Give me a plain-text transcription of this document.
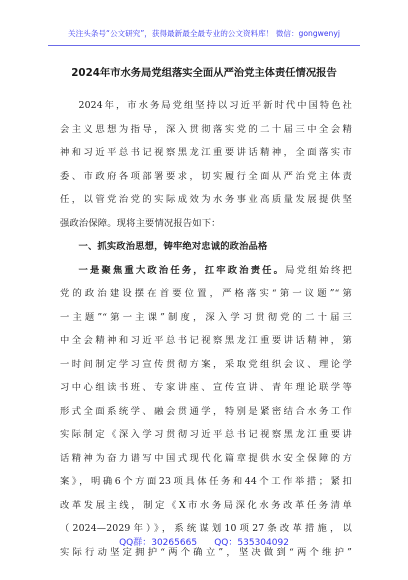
关注头条号“公文研究”，获得最新最全最专业的公文资料库！ 微信：gongwenyj
2024年市水务局党组落实全面从严治党主体责任情况报告
2024年，市水务局党组坚持以习近平新时代中国特色社
会主义思想为指导，深入贯彻落实党的二十届三中全会精
神和习近平总书记视察黑龙江重要讲话精神，全面落实市
委、市政府各项部署要求，切实履行全面从严治党主体责
任，以管党治党的实际成效为水务事业高质量发展提供坚
强政治保障。现将主要情况报告如下：
一、抓实政治思想，铸牢绝对忠诚的政治品格
一是聚焦重大政治任务，扛牢政治责任。局党组始终把
党的政治建设摆在首要位置，严格落实“第一议题”“第
一主题”“第一主课”制度，深入学习贯彻党的二十届三
中全会精神和习近平总书记视察黑龙江重要讲话精神，第
一时间制定学习宣传贯彻方案，采取党组织会议、理论学
习中心组读书班、专家讲座、宣传宣讲、青年理论联学等
形式全面系统学、融会贯通学，特别是紧密结合水务工作
实际制定《深入学习贯彻习近平总书记视察黑龙江重要讲
话精神为奋力谱写中国式现代化篇章提供水安全保障的方
案》，明确6个方面23项具体任务和44个工作举措；紧扣
改革发展主线，制定《X市水务局深化水务改革任务清单
（2024—2029年）》，系统谋划10项27条改革措施，以
实际行动坚定拥护“两个确立”，坚决做到“两个维护”
QQ群：30265665 QQ：535304092
